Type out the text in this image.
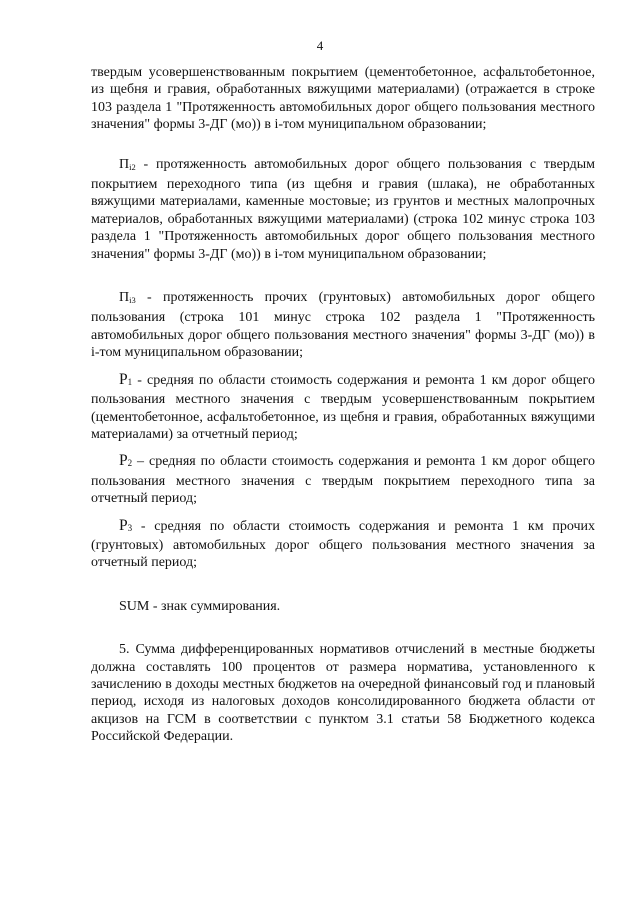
4

твердым усовершенствованным покрытием (цементобетонное, асфальтобетонное, из щебня и гравия, обработанных вяжущими материалами) (отражается в строке 103 раздела 1 "Протяженность автомобильных дорог общего пользования местного значения" формы 3-ДГ (мо)) в i-том муниципальном образовании;

$П_{i2}$ - протяженность автомобильных дорог общего пользования с твердым покрытием переходного типа (из щебня и гравия (шлака), не обработанных вяжущими материалами, каменные мостовые; из грунтов и местных малопрочных материалов, обработанных вяжущими материалами) (строка 102 минус строка 103 раздела 1 "Протяженность автомобильных дорог общего пользования местного значения" формы 3-ДГ (мо)) в i-том муниципальном образовании;

$П_{i3}$ - протяженность прочих (грунтовых) автомобильных дорог общего пользования (строка 101 минус строка 102 раздела 1 "Протяженность автомобильных дорог общего пользования местного значения" формы 3-ДГ (мо)) в i-том муниципальном образовании;

Р1 - средняя по области стоимость содержания и ремонта 1 км дорог общего пользования местного значения с твердым усовершенствованным покрытием (цементобетонное, асфальтобетонное, из щебня и гравия, обработанных вяжущими материалами) за отчетный период;

Р2 – средняя по области стоимость содержания и ремонта 1 км дорог общего пользования местного значения с твердым покрытием переходного типа за отчетный период;

Р3 - средняя по области стоимость содержания и ремонта 1 км прочих (грунтовых) автомобильных дорог общего пользования местного значения за отчетный период;

SUM - знак суммирования.

5. Сумма дифференцированных нормативов отчислений в местные бюджеты должна составлять 100 процентов от размера норматива, установленного к зачислению в доходы местных бюджетов на очередной финансовый год и плановый период, исходя из налоговых доходов консолидированного бюджета области от акцизов на ГСМ в соответствии с пунктом 3.1 статьи 58 Бюджетного кодекса Российской Федерации.
